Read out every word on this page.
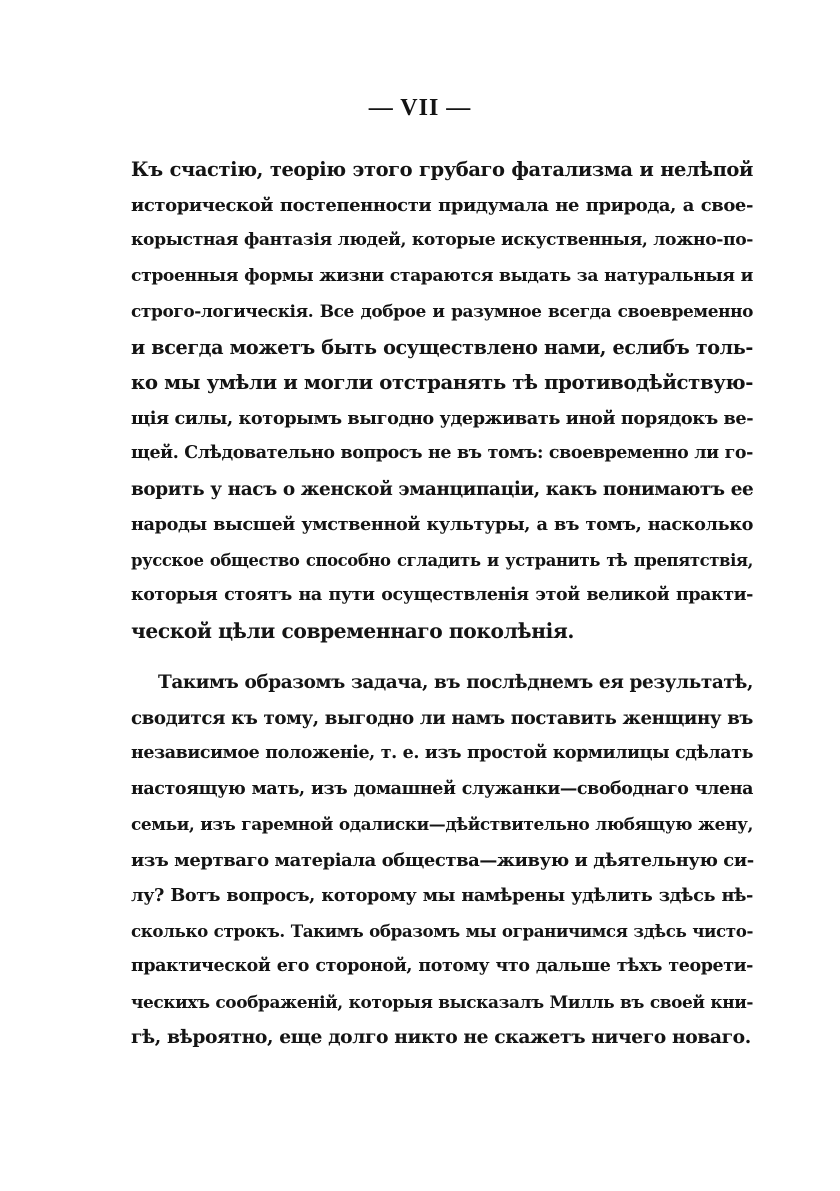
— VII —
Къ счастію, теорію этого грубаго фатализма и нелѣпой
исторической постепенности придумала не природа, а свое-
корыстная фантазія людей, которые искуственныя, ложно-по-
строенныя формы жизни стараются выдать за натуральныя и
строго-логическія. Все доброе и разумное всегда своевременно
и всегда можетъ быть осуществлено нами, еслибъ толь-
ко мы умѣли и могли отстранять тѣ противодѣйствую-
щія силы, которымъ выгодно удерживать иной порядокъ ве-
щей. Слѣдовательно вопросъ не въ томъ: своевременно ли го-
ворить у насъ о женской эманципаціи, какъ понимаютъ ее
народы высшей умственной культуры, а въ томъ, насколько
русское общество способно сгладить и устранить тѣ препятствія,
которыя стоятъ на пути осуществленія этой великой практи-
ческой цѣли современнаго поколѣнія.
Такимъ образомъ задача, въ послѣднемъ ея результатѣ,
сводится къ тому, выгодно ли намъ поставить женщину въ
независимое положеніе, т. е. изъ простой кормилицы сдѣлать
настоящую мать, изъ домашней служанки—свободнаго члена
семьи, изъ гаремной одалиски—дѣйствительно любящую жену,
изъ мертваго матеріала общества—живую и дѣятельную си-
лу? Вотъ вопросъ, которому мы намѣрены удѣлить здѣсь нѣ-
сколько строкъ. Такимъ образомъ мы ограничимся здѣсь чисто-
практической его стороной, потому что дальше тѣхъ теорети-
ческихъ соображеній, которыя высказалъ Милль въ своей кни-
гѣ, вѣроятно, еще долго никто не скажетъ ничего новаго.
